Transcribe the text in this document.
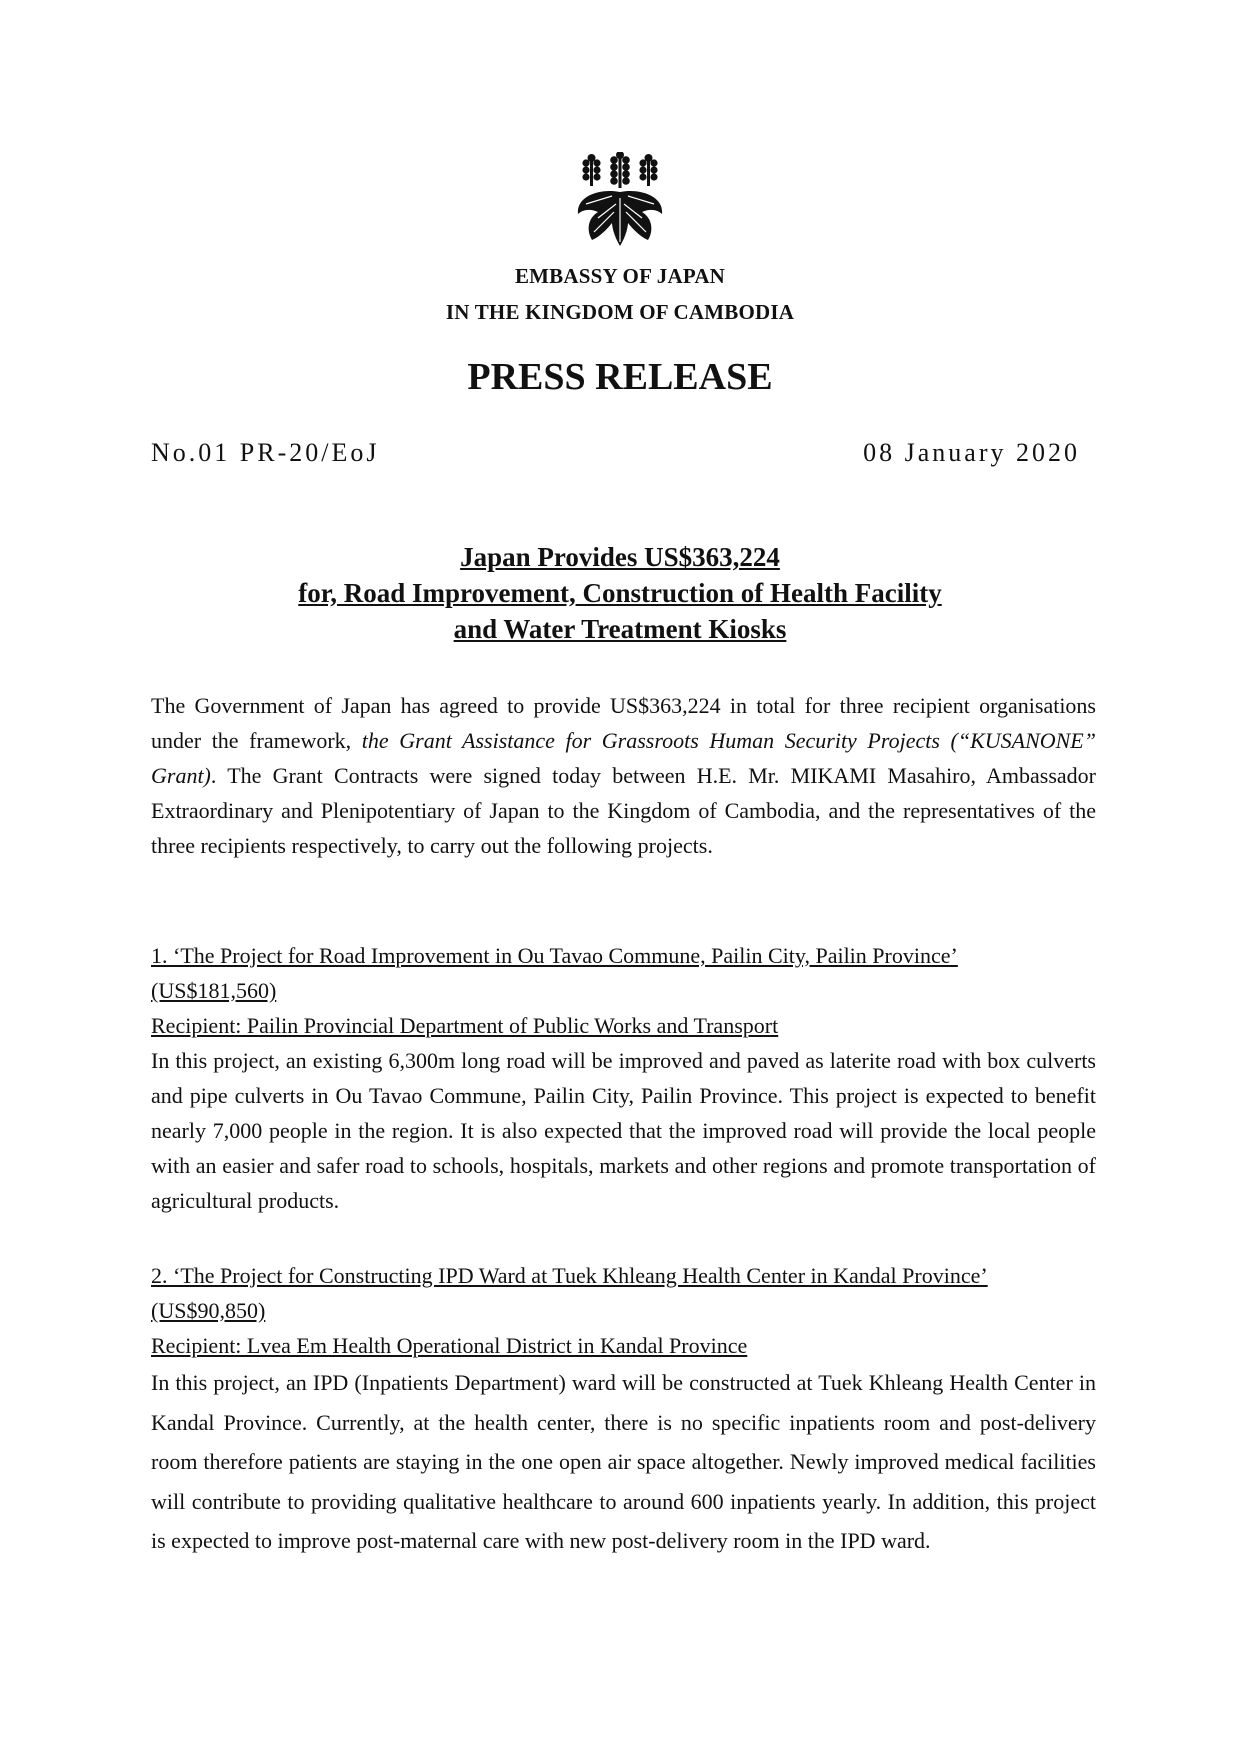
EMBASSY OF JAPAN
IN THE KINGDOM OF CAMBODIA
PRESS RELEASE
No.01 PR-20/EoJ	08 January 2020
Japan Provides US$363,224
for, Road Improvement, Construction of Health Facility
and Water Treatment Kiosks
The Government of Japan has agreed to provide US$363,224 in total for three recipient organisations under the framework, the Grant Assistance for Grassroots Human Security Projects (“KUSANONE” Grant). The Grant Contracts were signed today between H.E. Mr. MIKAMI Masahiro, Ambassador Extraordinary and Plenipotentiary of Japan to the Kingdom of Cambodia, and the representatives of the three recipients respectively, to carry out the following projects.
1. ‘The Project for Road Improvement in Ou Tavao Commune, Pailin City, Pailin Province’
(US$181,560)
Recipient: Pailin Provincial Department of Public Works and Transport
In this project, an existing 6,300m long road will be improved and paved as laterite road with box culverts and pipe culverts in Ou Tavao Commune, Pailin City, Pailin Province. This project is expected to benefit nearly 7,000 people in the region. It is also expected that the improved road will provide the local people with an easier and safer road to schools, hospitals, markets and other regions and promote transportation of agricultural products.
2. ‘The Project for Constructing IPD Ward at Tuek Khleang Health Center in Kandal Province’
(US$90,850)
Recipient: Lvea Em Health Operational District in Kandal Province
In this project, an IPD (Inpatients Department) ward will be constructed at Tuek Khleang Health Center in Kandal Province. Currently, at the health center, there is no specific inpatients room and post-delivery room therefore patients are staying in the one open air space altogether. Newly improved medical facilities will contribute to providing qualitative healthcare to around 600 inpatients yearly. In addition, this project is expected to improve post-maternal care with new post-delivery room in the IPD ward.
